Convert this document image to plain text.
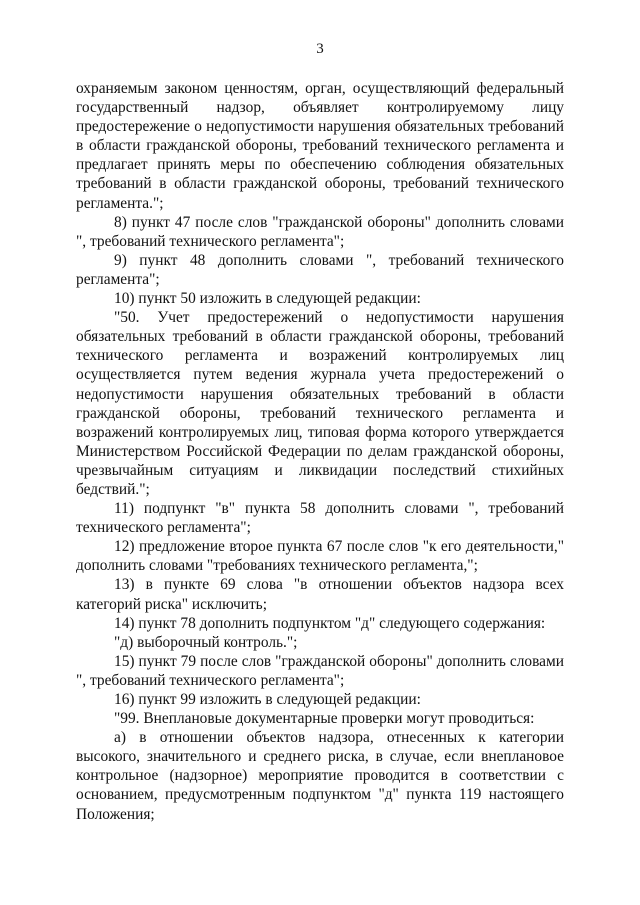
3

охраняемым законом ценностям, орган, осуществляющий федеральный государственный надзор, объявляет контролируемому лицу предостережение о недопустимости нарушения обязательных требований в области гражданской обороны, требований технического регламента и предлагает принять меры по обеспечению соблюдения обязательных требований в области гражданской обороны, требований технического регламента.";

8) пункт 47 после слов "гражданской обороны" дополнить словами ", требований технического регламента";

9) пункт 48 дополнить словами ", требований технического регламента";

10) пункт 50 изложить в следующей редакции:

"50. Учет предостережений о недопустимости нарушения обязательных требований в области гражданской обороны, требований технического регламента и возражений контролируемых лиц осуществляется путем ведения журнала учета предостережений о недопустимости нарушения обязательных требований в области гражданской обороны, требований технического регламента и возражений контролируемых лиц, типовая форма которого утверждается Министерством Российской Федерации по делам гражданской обороны, чрезвычайным ситуациям и ликвидации последствий стихийных бедствий.";

11) подпункт "в" пункта 58 дополнить словами ", требований технического регламента";

12) предложение второе пункта 67 после слов "к его деятельности," дополнить словами "требованиях технического регламента,";

13) в пункте 69 слова "в отношении объектов надзора всех категорий риска" исключить;

14) пункт 78 дополнить подпунктом "д" следующего содержания:

"д) выборочный контроль.";

15) пункт 79 после слов "гражданской обороны" дополнить словами ", требований технического регламента";

16) пункт 99 изложить в следующей редакции:

"99. Внеплановые документарные проверки могут проводиться:

а) в отношении объектов надзора, отнесенных к категории высокого, значительного и среднего риска, в случае, если внеплановое контрольное (надзорное) мероприятие проводится в соответствии с основанием, предусмотренным подпунктом "д" пункта 119 настоящего Положения;
